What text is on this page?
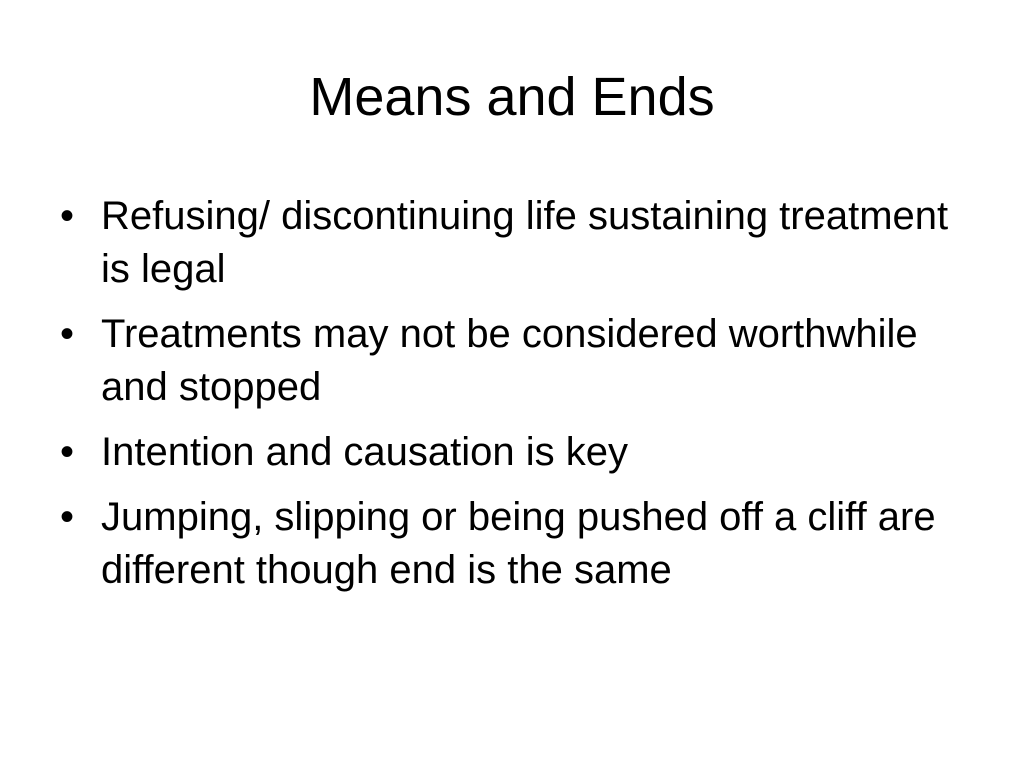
Means and Ends
• Refusing/ discontinuing life sustaining treatment is legal
• Treatments may not be considered worthwhile and stopped
• Intention and causation is key
• Jumping, slipping or being pushed off a cliff are different though end is the same
